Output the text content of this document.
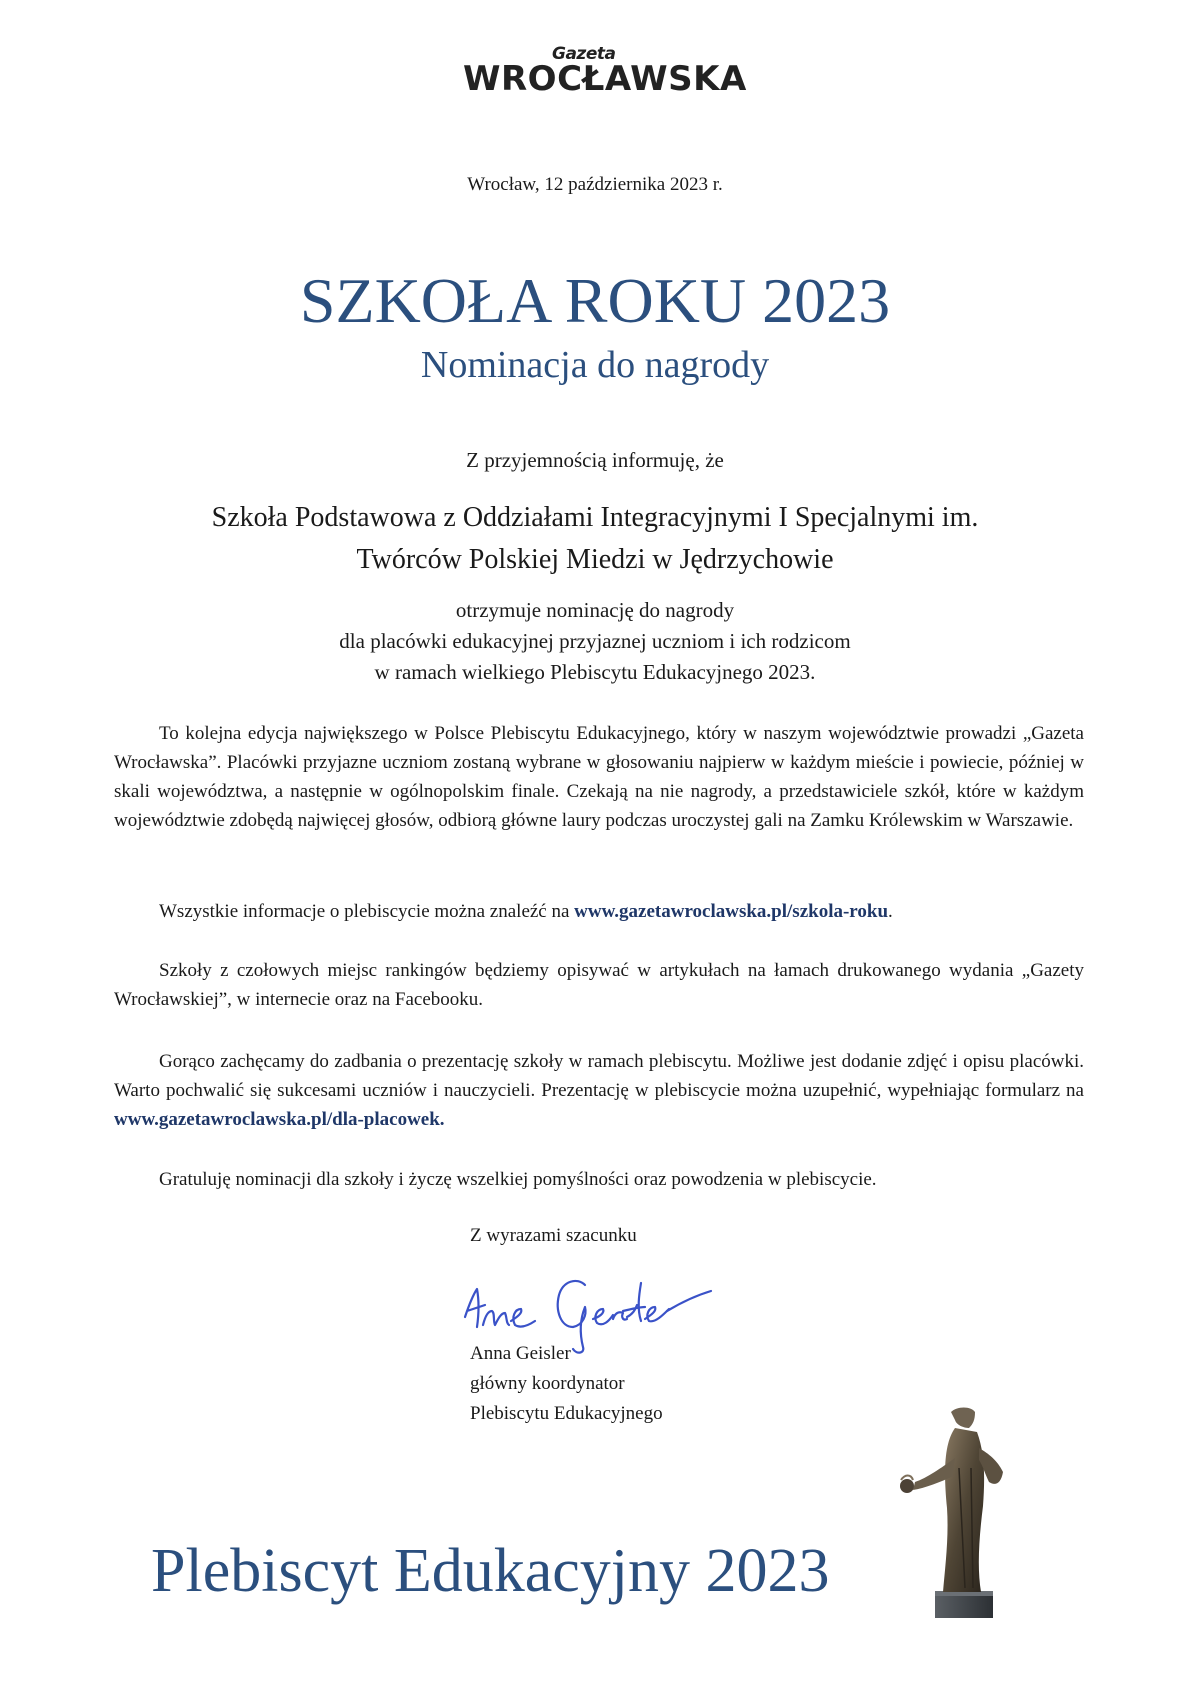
Gazeta
WROCŁAWSKA
Wrocław, 12 października 2023 r.
SZKOŁA ROKU 2023
Nominacja do nagrody
Z przyjemnością informuję, że
Szkoła Podstawowa z Oddziałami Integracyjnymi I Specjalnymi im.
Twórców Polskiej Miedzi w Jędrzychowie
otrzymuje nominację do nagrody
dla placówki edukacyjnej przyjaznej uczniom i ich rodzicom
w ramach wielkiego Plebiscytu Edukacyjnego 2023.

To kolejna edycja największego w Polsce Plebiscytu Edukacyjnego, który w naszym województwie prowadzi „Gazeta Wrocławska”. Placówki przyjazne uczniom zostaną wybrane w głosowaniu najpierw w każdym mieście i powiecie, później w skali województwa, a następnie w ogólnopolskim finale. Czekają na nie nagrody, a przedstawiciele szkół, które w każdym województwie zdobędą najwięcej głosów, odbiorą główne laury podczas uroczystej gali na Zamku Królewskim w Warszawie.

Wszystkie informacje o plebiscycie można znaleźć na www.gazetawroclawska.pl/szkola-roku.

Szkoły z czołowych miejsc rankingów będziemy opisywać w artykułach na łamach drukowanego wydania „Gazety Wrocławskiej”, w internecie oraz na Facebooku.

Gorąco zachęcamy do zadbania o prezentację szkoły w ramach plebiscytu. Możliwe jest dodanie zdjęć i opisu placówki. Warto pochwalić się sukcesami uczniów i nauczycieli. Prezentację w plebiscycie można uzupełnić, wypełniając formularz na www.gazetawroclawska.pl/dla-placowek.

Gratuluję nominacji dla szkoły i życzę wszelkiej pomyślności oraz powodzenia w plebiscycie.

Z wyrazami szacunku
Anna Geisler
główny koordynator
Plebiscytu Edukacyjnego
Plebiscyt Edukacyjny 2023
